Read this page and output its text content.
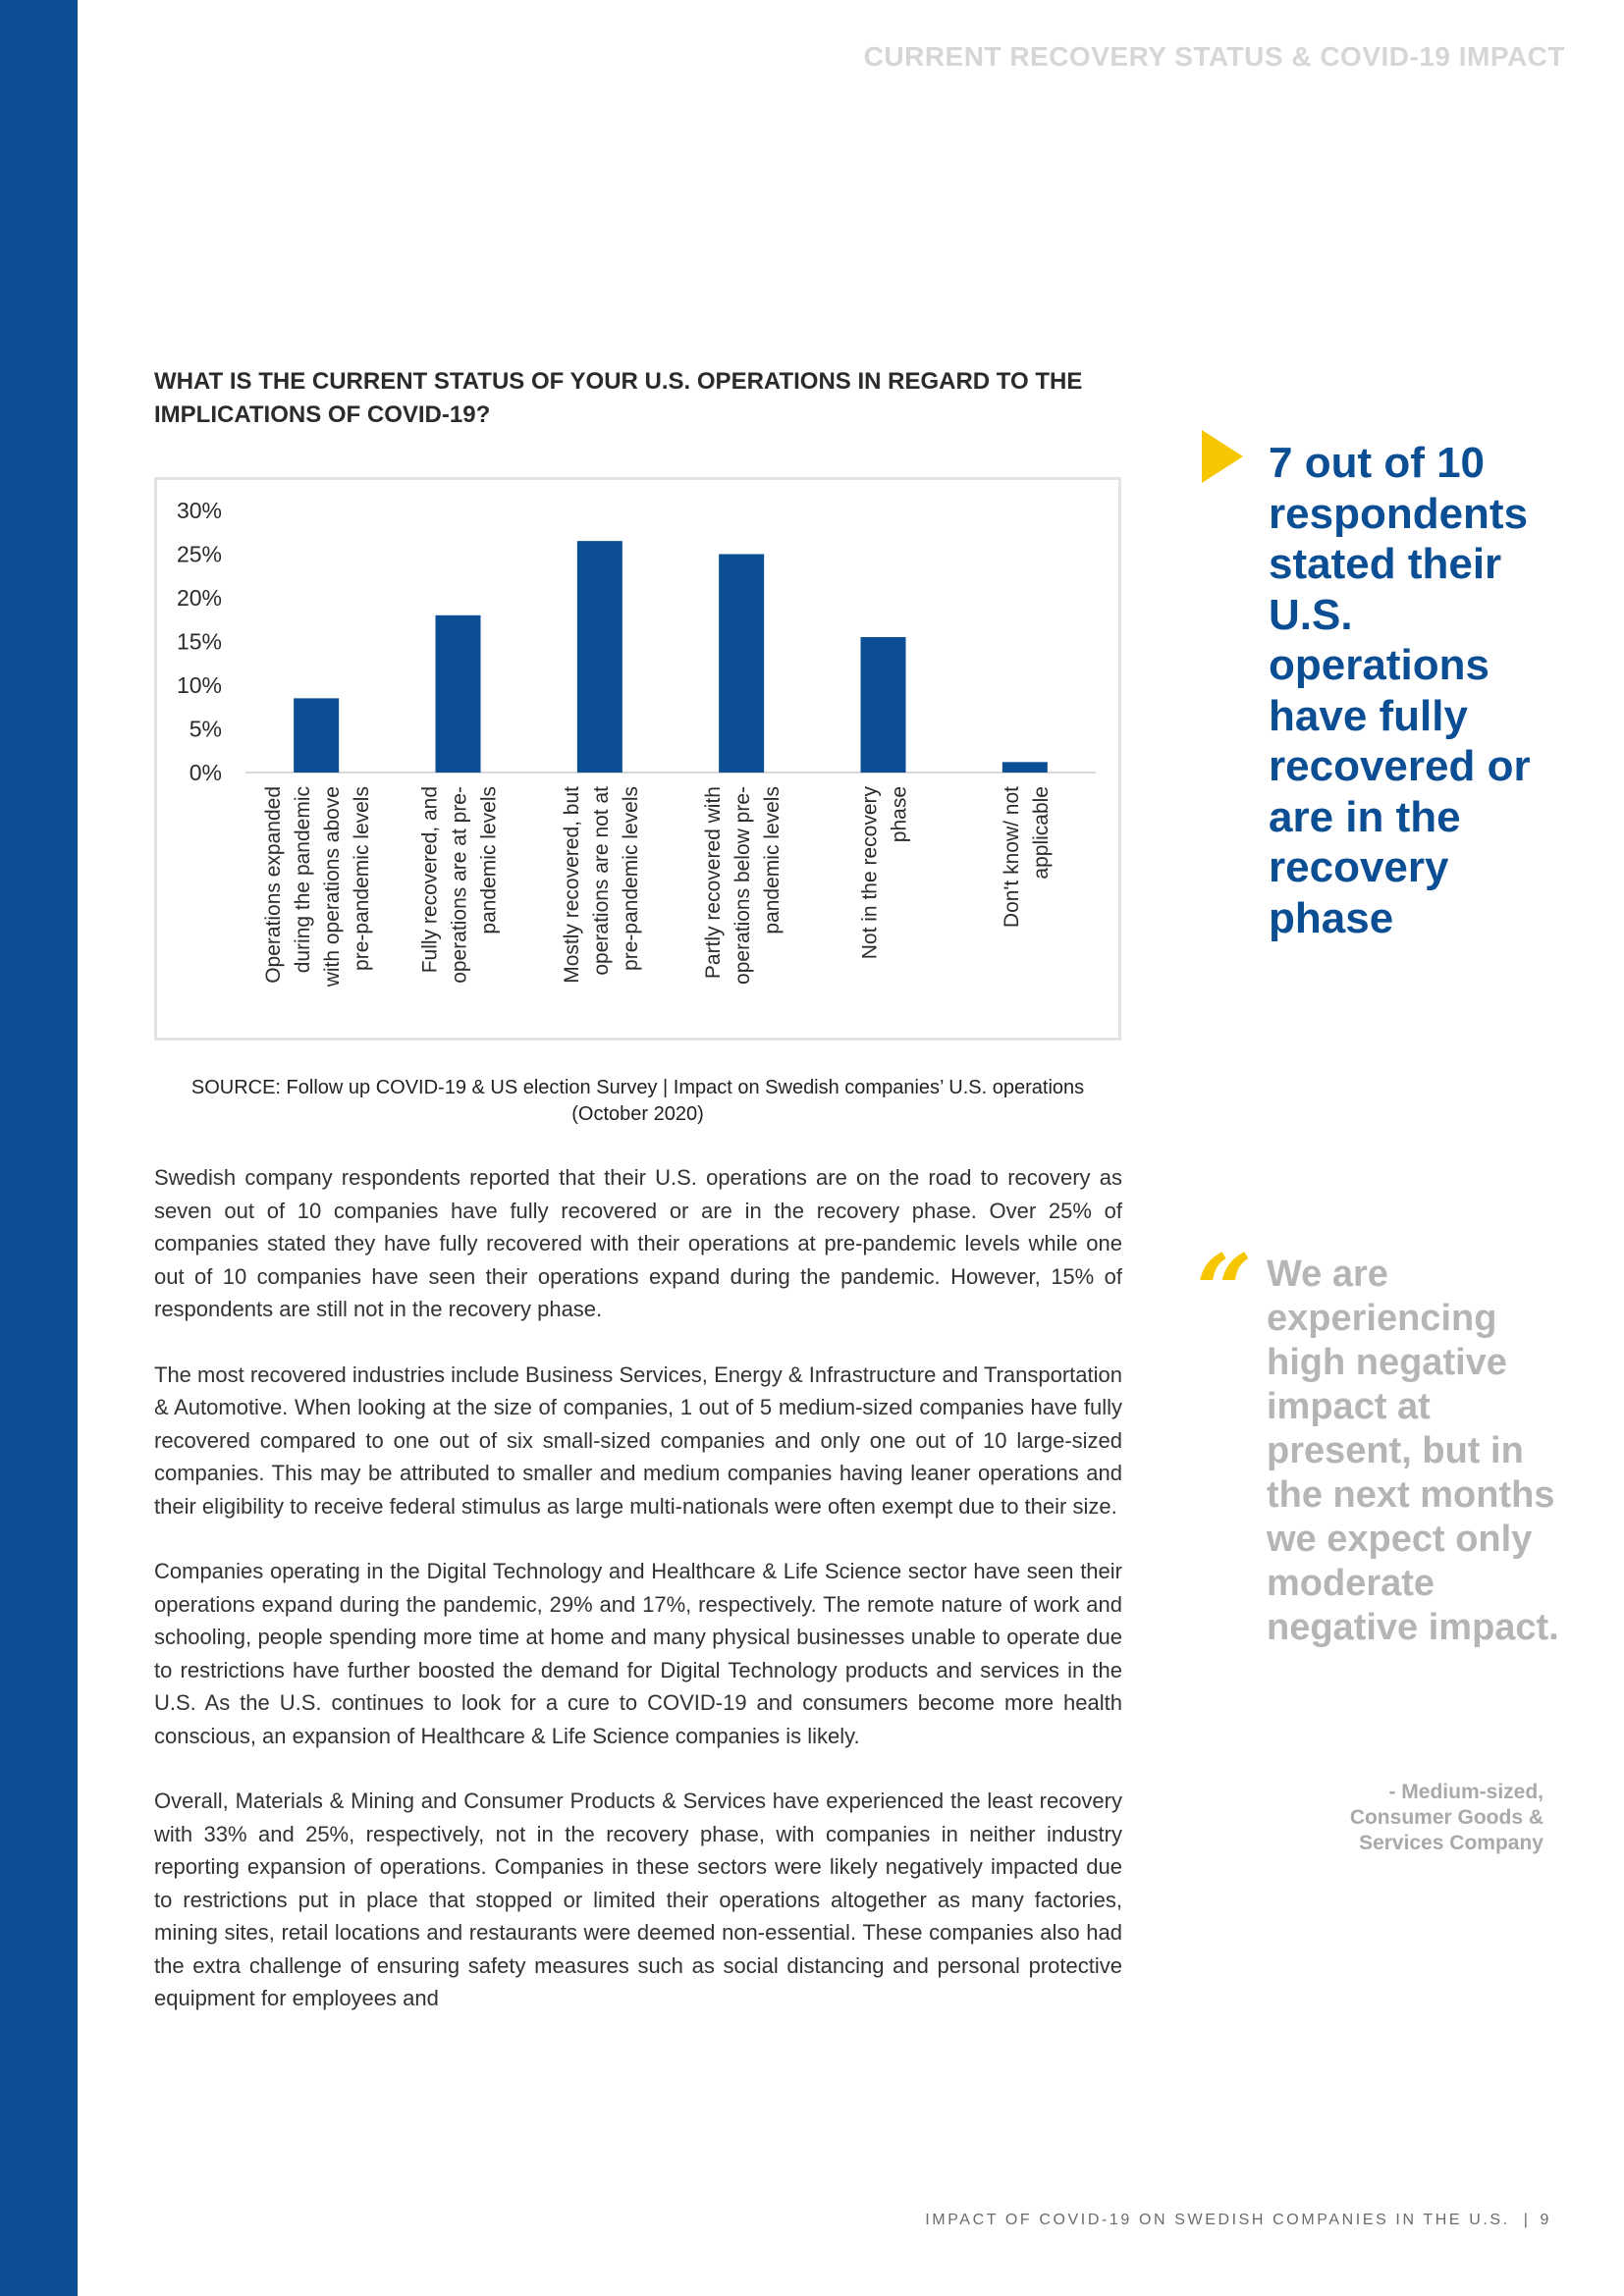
CURRENT RECOVERY STATUS & COVID-19 IMPACT
WHAT IS THE CURRENT STATUS OF YOUR U.S. OPERATIONS IN REGARD TO THE IMPLICATIONS OF COVID-19?
0%
5%
10%
15%
20%
25%
30%
Operations expanded during the pandemic with operations above pre-pandemic levels Fully recovered, and operations are at pre- pandemic levels	Mostly recovered, but operations are not at pre-pandemic levels	Partly recovered with operations below pre- pandemic levels	Not in the recovery phase	Don't know/ not applicable
SOURCE: Follow up COVID-19 & US election Survey | Impact on Swedish companies’ U.S. operations (October 2020)

Swedish company respondents reported that their U.S. operations are on the road to recovery as seven out of 10 companies have fully recovered or are in the recovery phase. Over 25% of companies stated they have fully recovered with their operations at pre-pandemic levels while one out of 10 companies have seen their operations expand during the pandemic. However, 15% of respondents are still not in the recovery phase.

The most recovered industries include Business Services, Energy & Infrastructure and Transportation & Automotive. When looking at the size of companies, 1 out of 5 medium-sized companies have fully recovered compared to one out of six small-sized companies and only one out of 10 large-sized companies. This may be attributed to smaller and medium companies having leaner operations and their eligibility to receive federal stimulus as large multi-nationals were often exempt due to their size.

Companies operating in the Digital Technology and Healthcare & Life Science sector have seen their operations expand during the pandemic, 29% and 17%, respectively. The remote nature of work and schooling, people spending more time at home and many physical businesses unable to operate due to restrictions have further boosted the demand for Digital Technology products and services in the U.S. As the U.S. continues to look for a cure to COVID-19 and consumers become more health conscious, an expansion of Healthcare & Life Science companies is likely.

Overall, Materials & Mining and Consumer Products & Services have experienced the least recovery with 33% and 25%, respectively, not in the recovery phase, with companies in neither industry reporting expansion of operations. Companies in these sectors were likely negatively impacted due to restrictions put in place that stopped or limited their operations altogether as many factories, mining sites, retail locations and restaurants were deemed non-essential. These companies also had the extra challenge of ensuring safety measures such as social distancing and personal protective equipment for employees and

7 out of 10 respondents stated their U.S. operations have fully recovered or are in the recovery phase
“ We are experiencing high negative impact at present, but in the next months we expect only moderate negative impact.
- Medium-sized,
Consumer Goods &
Services Company
IMPACT OF COVID-19 ON SWEDISH COMPANIES IN THE U.S. | 9
